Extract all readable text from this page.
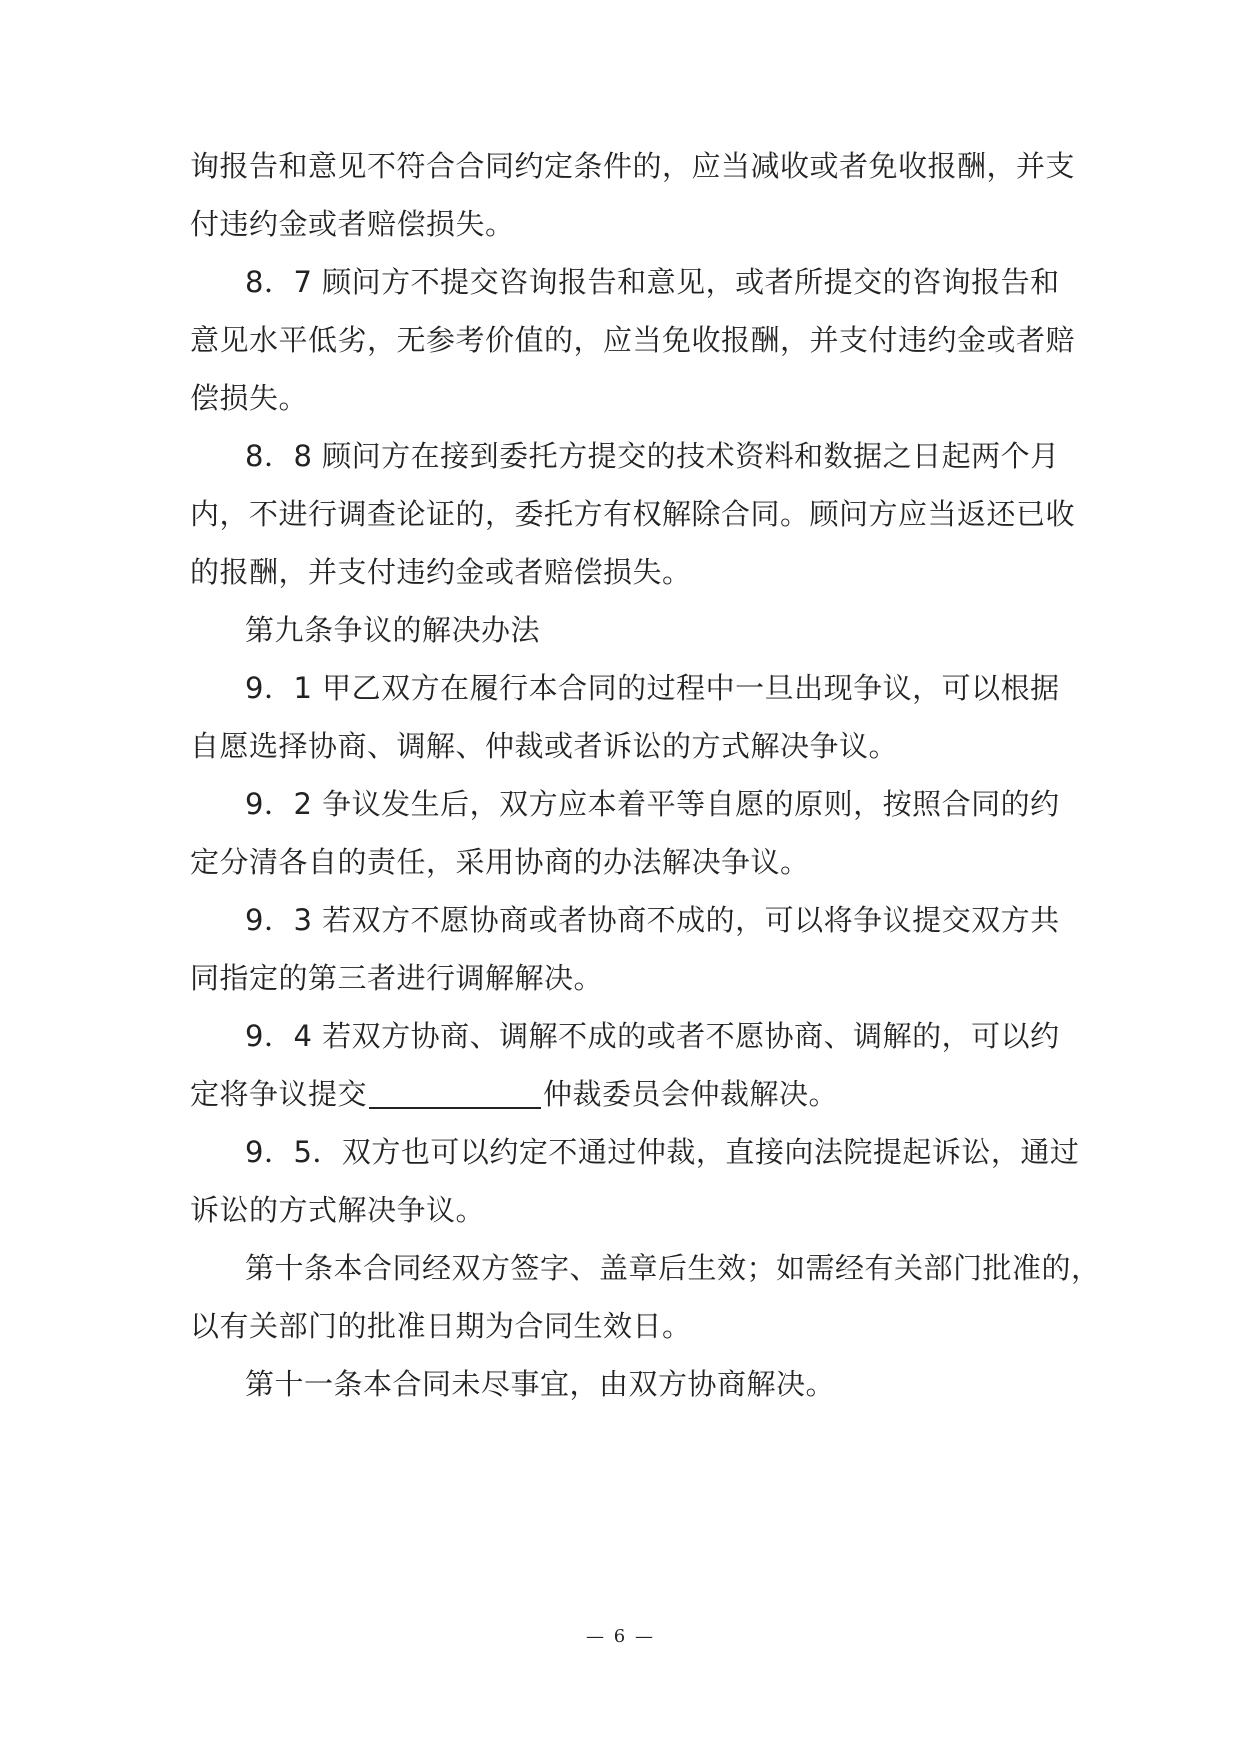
询报告和意见不符合合同约定条件的，应当减收或者免收报酬，并支
付违约金或者赔偿损失。
8．7 顾问方不提交咨询报告和意见，或者所提交的咨询报告和
意见水平低劣，无参考价值的，应当免收报酬，并支付违约金或者赔
偿损失。
8．8 顾问方在接到委托方提交的技术资料和数据之日起两个月
内，不进行调查论证的，委托方有权解除合同。顾问方应当返还已收
的报酬，并支付违约金或者赔偿损失。
第九条争议的解决办法
9．1 甲乙双方在履行本合同的过程中一旦出现争议，可以根据
自愿选择协商、调解、仲裁或者诉讼的方式解决争议。
9．2 争议发生后，双方应本着平等自愿的原则，按照合同的约
定分清各自的责任，采用协商的办法解决争议。
9．3 若双方不愿协商或者协商不成的，可以将争议提交双方共
同指定的第三者进行调解解决。
9．4 若双方协商、调解不成的或者不愿协商、调解的，可以约
定将争议提交	仲裁委员会仲裁解决。
9．5．双方也可以约定不通过仲裁，直接向法院提起诉讼，通过
诉讼的方式解决争议。
第十条本合同经双方签字、盖章后生效；如需经有关部门批准的，
以有关部门的批准日期为合同生效日。
第十一条本合同未尽事宜，由双方协商解决。
— 6 —
